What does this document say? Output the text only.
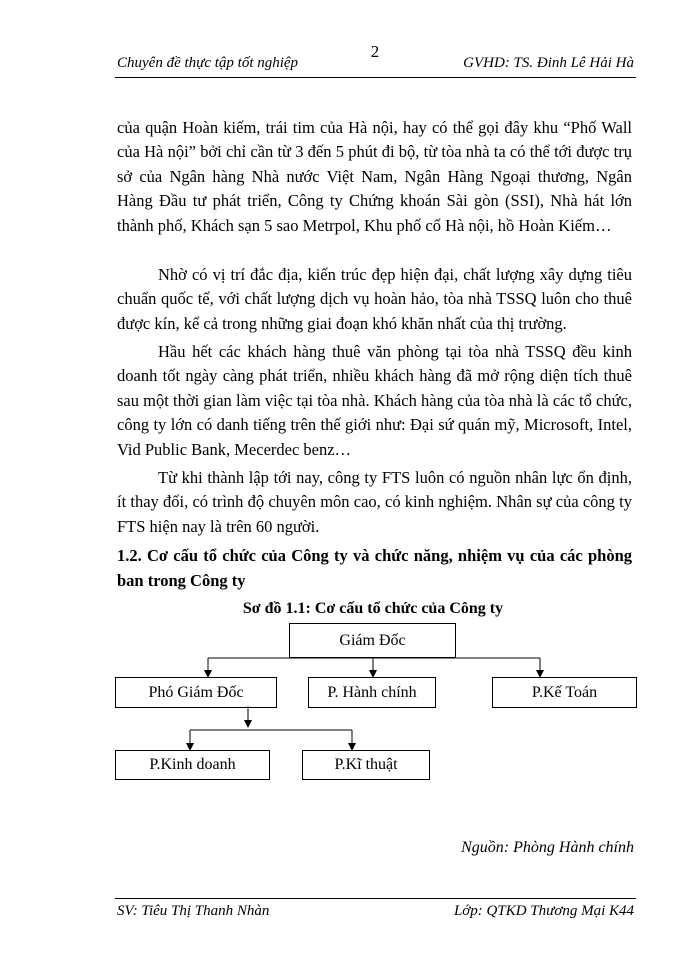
2
Chuyên đề thực tập tốt nghiệp	GVHD: TS. Đinh Lê Hải Hà
của quận Hoàn kiếm, trái tim của Hà nội, hay có thể gọi đây khu “Phố Wall của Hà nội” bởi chỉ cần từ 3 đến 5 phút đi bộ, từ tòa nhà ta có thể tới được trụ sở của Ngân hàng Nhà nước Việt Nam, Ngân Hàng Ngoại thương, Ngân Hàng Đầu tư phát triển, Công ty Chứng khoán Sài gòn (SSI), Nhà hát lớn thành phố, Khách sạn 5 sao Metrpol, Khu phố cổ Hà nội, hồ Hoàn Kiếm…
Nhờ có vị trí đắc địa, kiến trúc đẹp hiện đại, chất lượng xây dựng tiêu chuẩn quốc tế, với chất lượng dịch vụ hoàn hảo, tòa nhà TSSQ luôn cho thuê được kín, kể cả trong những giai đoạn khó khăn nhất của thị trường.
Hầu hết các khách hàng thuê văn phòng tại tòa nhà TSSQ đều kinh doanh tốt ngày càng phát triển, nhiều khách hàng đã mở rộng diện tích thuê sau một thời gian làm việc tại tòa nhà. Khách hàng của tòa nhà là các tổ chức, công ty lớn có danh tiếng trên thế giới như: Đại sứ quán mỹ, Microsoft, Intel, Vid Public Bank, Mecerdec benz…
Từ khi thành lập tới nay, công ty FTS luôn có nguồn nhân lực ổn định, ít thay đổi, có trình độ chuyên môn cao, có kinh nghiệm. Nhân sự của công ty FTS hiện nay là trên 60 người.
1.2. Cơ cấu tổ chức của Công ty và chức năng, nhiệm vụ của các phòng ban trong Công ty
Sơ đồ 1.1: Cơ cấu tổ chức của Công ty
Giám Đốc
Phó Giám Đốc	P. Hành chính	P.Kế Toán
P.Kinh doanh	P.Kĩ thuật
Nguồn: Phòng Hành chính
SV: Tiêu Thị Thanh Nhàn	Lớp: QTKD Thương Mại K44
